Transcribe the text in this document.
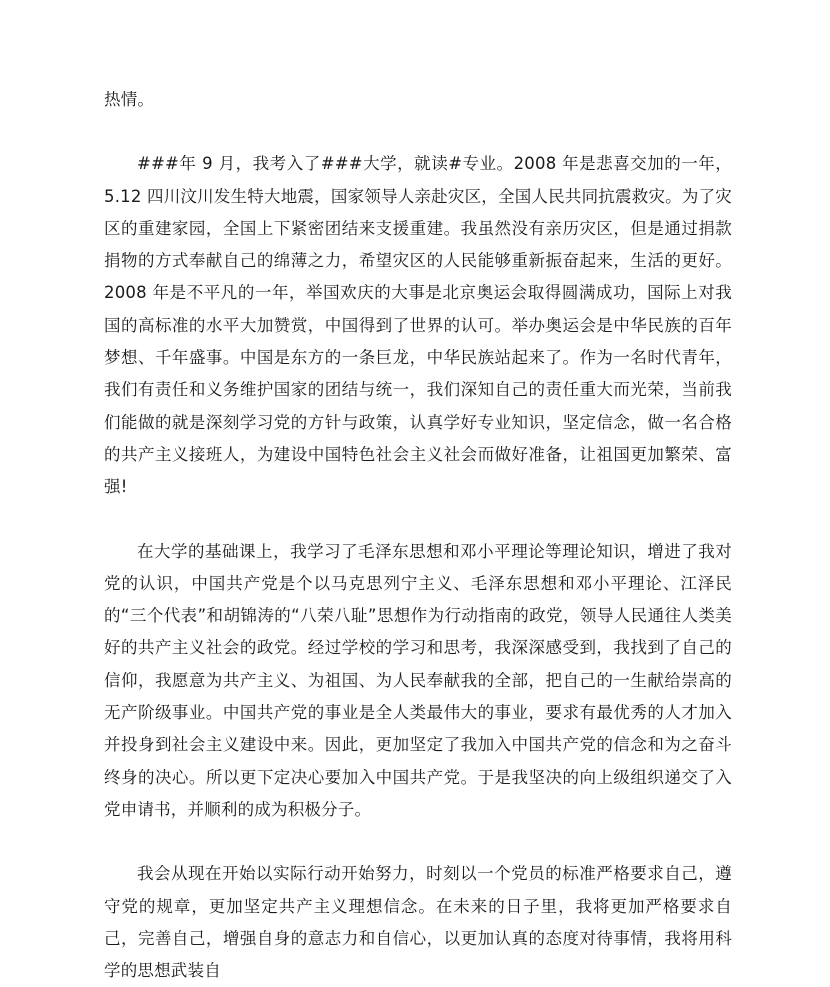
热情。

###年 9 月，我考入了###大学，就读#专业。2008 年是悲喜交加的一年，5.12 四川汶川发生特大地震，国家领导人亲赴灾区，全国人民共同抗震救灾。为了灾区的重建家园，全国上下紧密团结来支援重建。我虽然没有亲历灾区，但是通过捐款捐物的方式奉献自己的绵薄之力，希望灾区的人民能够重新振奋起来，生活的更好。2008 年是不平凡的一年，举国欢庆的大事是北京奥运会取得圆满成功，国际上对我国的高标准的水平大加赞赏，中国得到了世界的认可。举办奥运会是中华民族的百年梦想、千年盛事。中国是东方的一条巨龙，中华民族站起来了。作为一名时代青年，我们有责任和义务维护国家的团结与统一，我们深知自己的责任重大而光荣，当前我们能做的就是深刻学习党的方针与政策，认真学好专业知识，坚定信念，做一名合格的共产主义接班人，为建设中国特色社会主义社会而做好准备，让祖国更加繁荣、富强!

在大学的基础课上，我学习了毛泽东思想和邓小平理论等理论知识，增进了我对党的认识，中国共产党是个以马克思列宁主义、毛泽东思想和邓小平理论、江泽民的“三个代表”和胡锦涛的“八荣八耻”思想作为行动指南的政党，领导人民通往人类美好的共产主义社会的政党。经过学校的学习和思考，我深深感受到，我找到了自己的信仰，我愿意为共产主义、为祖国、为人民奉献我的全部，把自己的一生献给崇高的无产阶级事业。中国共产党的事业是全人类最伟大的事业，要求有最优秀的人才加入并投身到社会主义建设中来。因此，更加坚定了我加入中国共产党的信念和为之奋斗终身的决心。所以更下定决心要加入中国共产党。于是我坚决的向上级组织递交了入党申请书，并顺利的成为积极分子。

我会从现在开始以实际行动开始努力，时刻以一个党员的标准严格要求自己，遵守党的规章，更加坚定共产主义理想信念。在未来的日子里，我将更加严格要求自己，完善自己，增强自身的意志力和自信心，以更加认真的态度对待事情，我将用科学的思想武装自
